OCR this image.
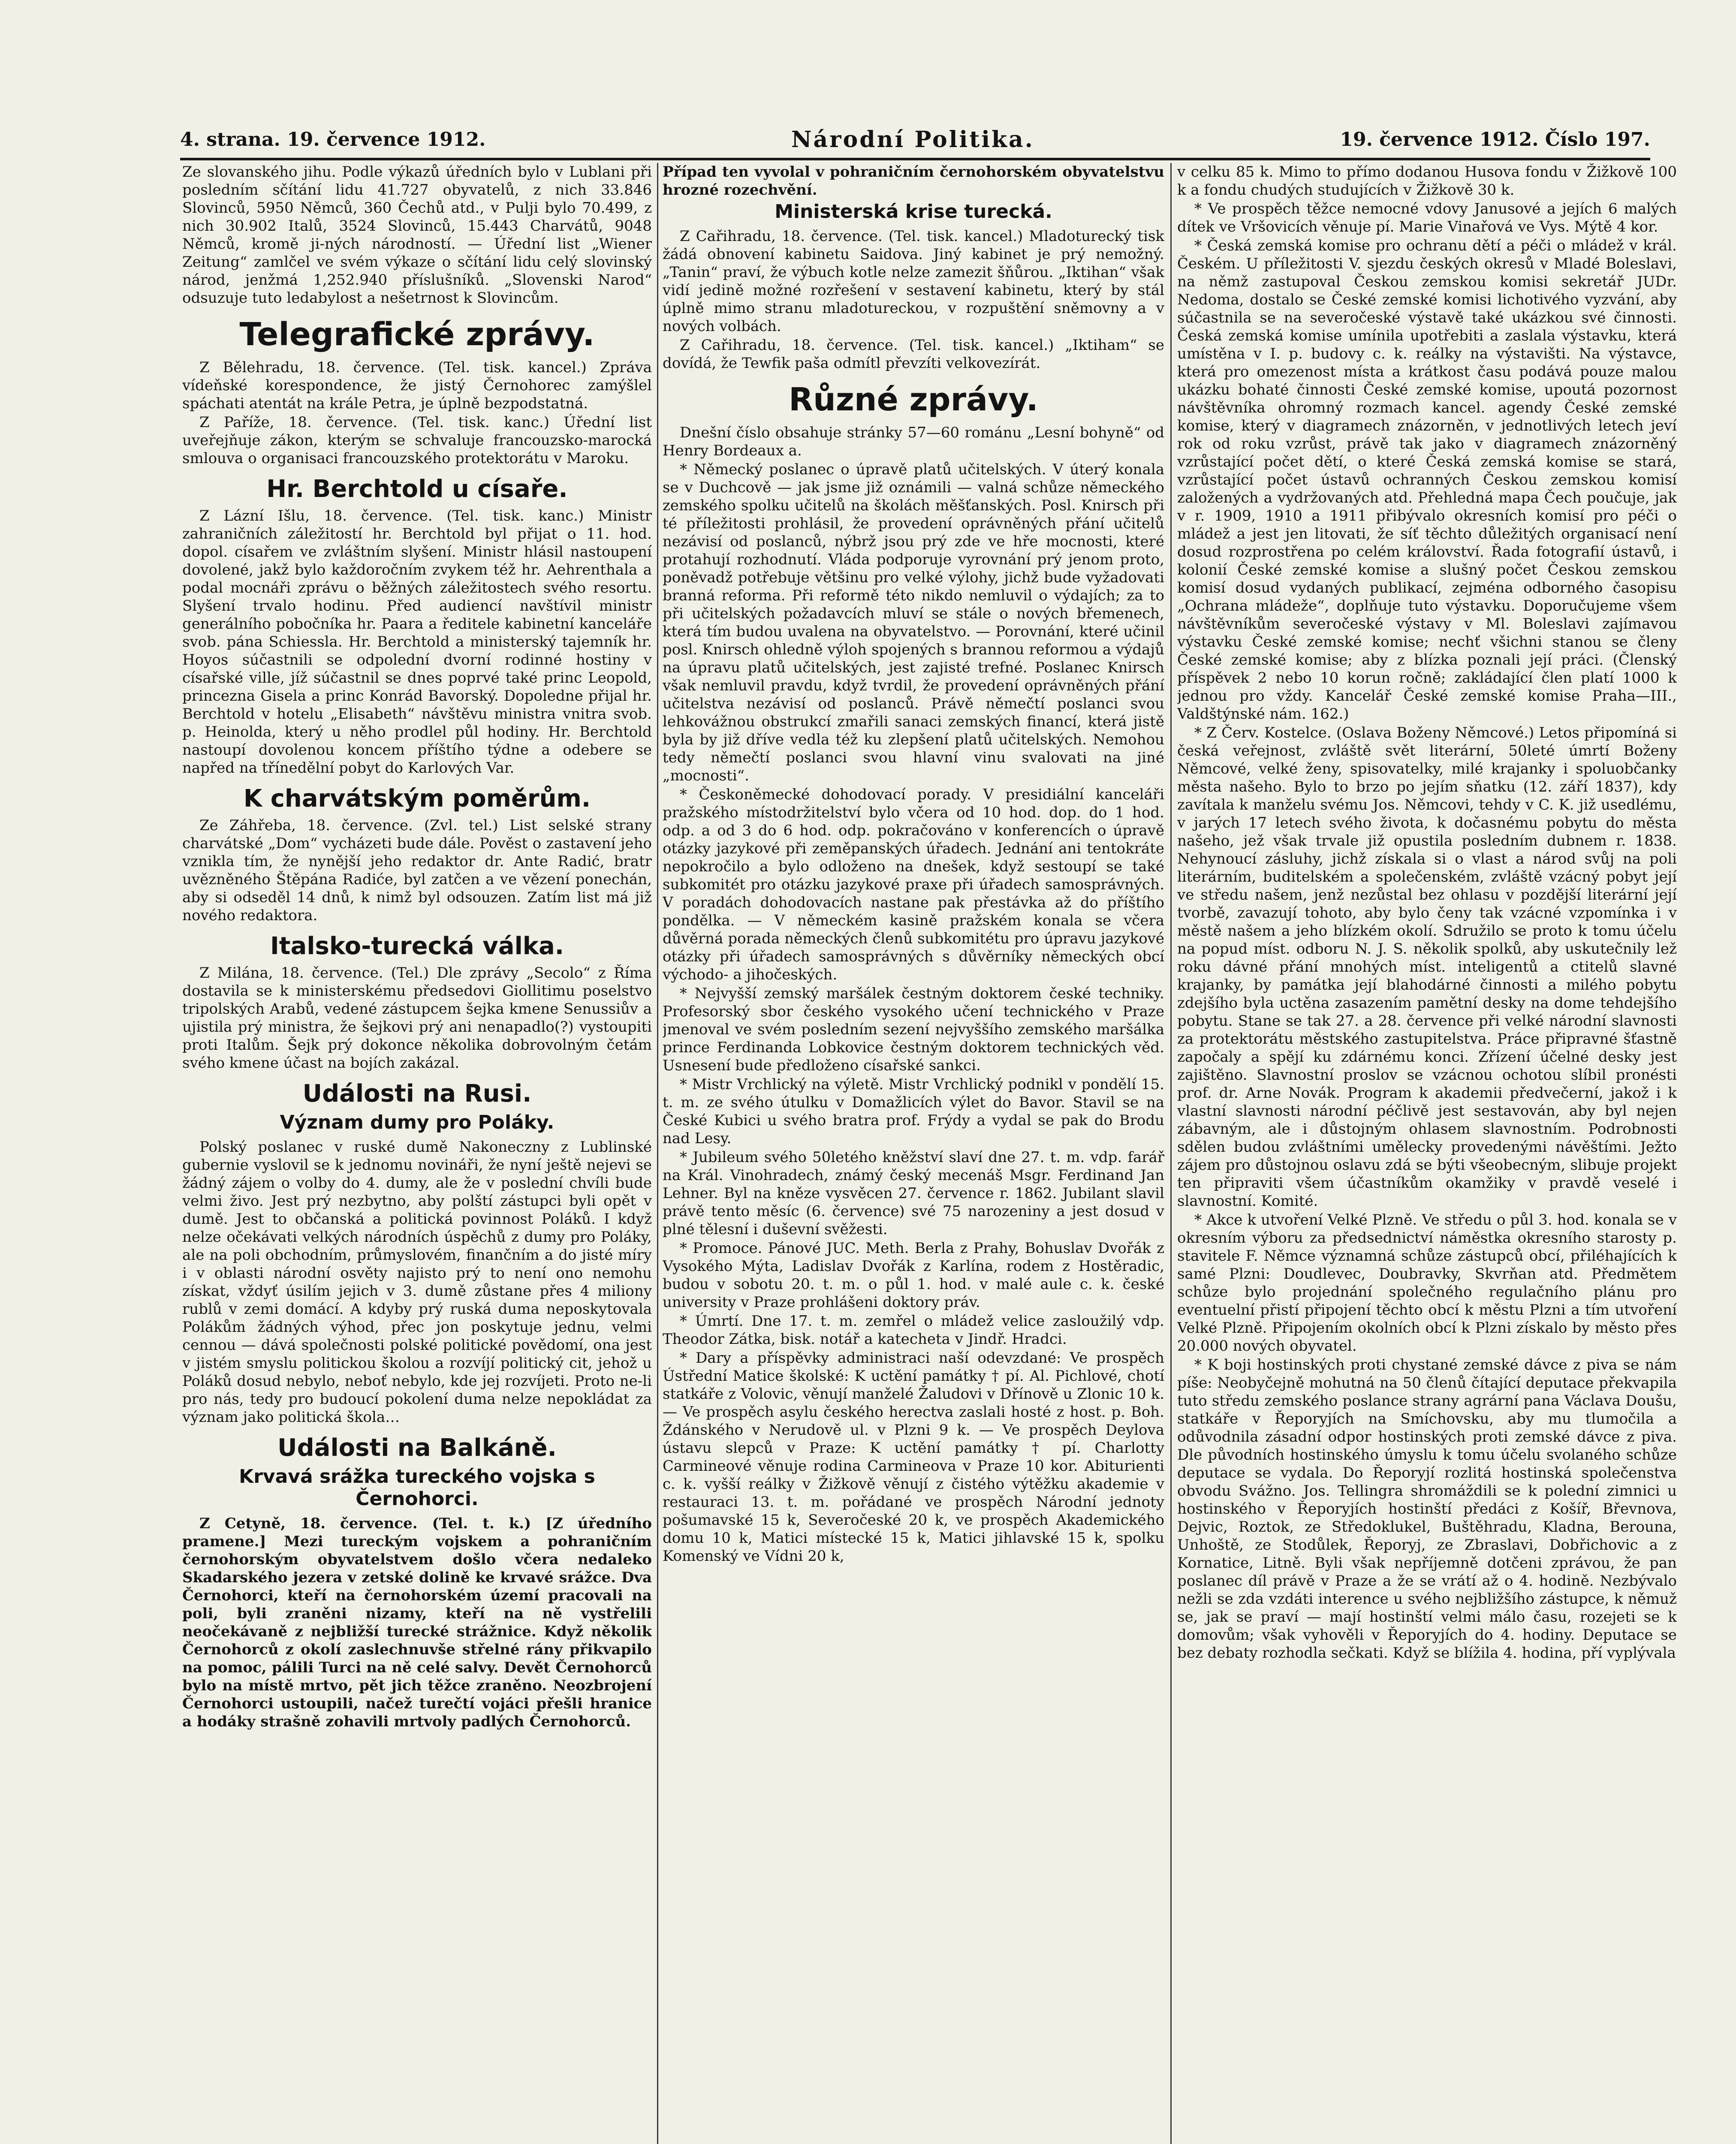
4. strana. 19. července 1912.	Národní Politika.	19. července 1912. Číslo 197.

Ze slovanského jihu. Podle výkazů úředních bylo v Lublani při posledním sčítání lidu 41.727 obyvatelů, z nich 33.846 Slovinců, 5950 Němců, 360 Čechů atd., v Pulji bylo 70.499, z nich 30.902 Italů, 3524 Slovinců, 15.443 Charvátů, 9048 Němců, kromě ji-ných národností. — Úřední list „Wiener Zeitung“ zamlčel ve svém výkaze o sčítání lidu celý slovinský národ, jenžmá 1,252.940 příslušníků. „Slovenski Narod“ odsuzuje tuto ledabylost a nešetrnost k Slovincům.

Telegrafické zprávy.

Z Bělehradu, 18. července. (Tel. tisk. kancel.) Zpráva vídeňské korespondence, že jistý Černohorec zamýšlel spáchati atentát na krále Petra, je úplně bezpodstatná.

Z Paříže, 18. července. (Tel. tisk. kanc.) Úřední list uveřejňuje zákon, kterým se schvaluje francouzsko-marocká smlouva o organisaci francouzského protektorátu v Maroku.

Hr. Berchtold u císaře.

Z Lázní Išlu, 18. července. (Tel. tisk. kanc.) Ministr zahraničních záležitostí hr. Berchtold byl přijat o 11. hod. dopol. císařem ve zvláštním slyšení. Ministr hlásil nastoupení dovolené, jakž bylo každoročním zvykem též hr. Aehrenthala a podal mocnáři zprávu o běžných záležitostech svého resortu. Slyšení trvalo hodinu. Před audiencí navštívil ministr generálního pobočníka hr. Paara a ředitele kabinetní kanceláře svob. pána Schiessla. Hr. Berchtold a ministerský tajemník hr. Hoyos súčastnili se odpolední dvorní rodinné hostiny v císařské ville, jíž súčastnil se dnes poprvé také princ Leopold, princezna Gisela a princ Konrád Bavorský. Dopoledne přijal hr. Berchtold v hotelu „Elisabeth“ návštěvu ministra vnitra svob. p. Heinolda, který u něho prodlel půl hodiny. Hr. Berchtold nastoupí dovolenou koncem příštího týdne a odebere se napřed na třínedělní pobyt do Karlových Var.

K charvátským poměrům.

Ze Záhřeba, 18. července. (Zvl. tel.) List selské strany charvátské „Dom“ vycházeti bude dále. Pověst o zastavení jeho vznikla tím, že nynější jeho redaktor dr. Ante Radić, bratr uvězněného Štěpána Radiće, byl zatčen a ve vězení ponechán, aby si odseděl 14 dnů, k nimž byl odsouzen. Zatím list má již nového redaktora.

Italsko-turecká válka.

Z Milána, 18. července. (Tel.) Dle zprávy „Secolo“ z Říma dostavila se k ministerskému předsedovi Giollitimu poselstvo tripolských Arabů, vedené zástupcem šejka kmene Senussiův a ujistila prý ministra, že šejkovi prý ani nenapadlo(?) vystoupiti proti Italům. Šejk prý dokonce několika dobrovolným četám svého kmene účast na bojích zakázal.

Události na Rusi.
Význam dumy pro Poláky.

Polský poslanec v ruské dumě Nakoneczny z Lublinské gubernie vyslovil se k jednomu novináři, že nyní ještě nejevi se žádný zájem o volby do 4. dumy, ale že v poslední chvíli bude velmi živo. Jest prý nezbytno, aby polští zástupci byli opět v dumě. Jest to občanská a politická povinnost Poláků. I když nelze očekávati velkých národních úspěchů z dumy pro Poláky, ale na poli obchodním, průmyslovém, finančním a do jisté míry i v oblasti národní osvěty najisto prý to není ono nemohu získat, vždyť úsilím jejich v 3. dumě zůstane přes 4 miliony rublů v zemi domácí. A kdyby prý ruská duma neposkytovala Polákům žádných výhod, přec jon poskytuje jednu, velmi cennou — dává společnosti polské politické povědomí, ona jest v jistém smyslu politickou školou a rozvíjí politický cit, jehož u Poláků dosud nebylo, neboť nebylo, kde jej rozvíjeti. Proto ne-li pro nás, tedy pro budoucí pokolení duma nelze nepokládat za význam jako politická škola…

Události na Balkáně.
Krvavá srážka tureckého vojska s Černohorci.

Z Cetyně, 18. července. (Tel. t. k.) [Z úředního pramene.] Mezi tureckým vojskem a pohraničním černohorským obyvatelstvem došlo včera nedaleko Skadarského jezera v zetské dolině ke krvavé srážce. Dva Černohorci, kteří na černohorském území pracovali na poli, byli zraněni nizamy, kteří na ně vystřelili neočekávaně z nejbližší turecké strážnice. Když několik Černohorců z okolí zaslechnuvše střelné rány přikvapilo na pomoc, pálili Turci na ně celé salvy. Devět Černohorců bylo na místě mrtvo, pět jich těžce zraněno. Neozbrojení Černohorci ustoupili, načež turečtí vojáci přešli hranice a hodáky strašně zohavili mrtvoly padlých Černohorců.

Případ ten vyvolal v pohraničním černohorském obyvatelstvu hrozné rozechvění.

Ministerská krise turecká.

Z Cařihradu, 18. července. (Tel. tisk. kancel.) Mladoturecký tisk žádá obnovení kabinetu Saidova. Jiný kabinet je prý nemožný. „Tanin“ praví, že výbuch kotle nelze zamezit šňůrou. „Iktihan“ však vidí jedině možné rozřešení v sestavení kabinetu, který by stál úplně mimo stranu mladotureckou, v rozpuštění sněmovny a v nových volbách.

Z Cařihradu, 18. července. (Tel. tisk. kancel.) „Iktiham“ se dovídá, že Tewfik paša odmítl převzíti velkovezírát.

Různé zprávy.

Dnešní číslo obsahuje stránky 57—60 románu „Lesní bohyně“ od Henry Bordeaux a.

* Německý poslanec o úpravě platů učitelských. V úterý konala se v Duchcově — jak jsme již oznámili — valná schůze německého zemského spolku učitelů na školách měšťanských. Posl. Knirsch při té příležitosti prohlásil, že provedení oprávněných přání učitelů nezávisí od poslanců, nýbrž jsou prý zde ve hře mocnosti, které protahují rozhodnutí. Vláda podporuje vyrovnání prý jenom proto, poněvadž potřebuje většinu pro velké výlohy, jichž bude vyžadovati branná reforma. Při reformě této nikdo nemluvil o výdajích; za to při učitelských požadavcích mluví se stále o nových břemenech, která tím budou uvalena na obyvatelstvo. — Porovnání, které učinil posl. Knirsch ohledně výloh spojených s brannou reformou a výdajů na úpravu platů učitelských, jest zajisté trefné. Poslanec Knirsch však nemluvil pravdu, když tvrdil, že provedení oprávněných přání učitelstva nezávisí od poslanců. Právě němečtí poslanci svou lehkovážnou obstrukcí zmařili sanaci zemských financí, která jistě byla by již dříve vedla též ku zlepšení platů učitelských. Nemohou tedy němečtí poslanci svou hlavní vinu svalovati na jiné „mocnosti“.

* Českoněmecké dohodovací porady. V presidiální kanceláři pražského místodržitelství bylo včera od 10 hod. dop. do 1 hod. odp. a od 3 do 6 hod. odp. pokračováno v konferencích o úpravě otázky jazykové při zeměpanských úřadech. Jednání ani tentokráte nepokročilo a bylo odloženo na dnešek, když sestoupí se také subkomitét pro otázku jazykové praxe při úřadech samosprávných. V poradách dohodovacích nastane pak přestávka až do příštího pondělka. — V německém kasině pražském konala se včera důvěrná porada německých členů subkomitétu pro úpravu jazykové otázky při úřadech samosprávných s důvěrníky německých obcí východo- a jihočeských.

* Nejvyšší zemský maršálek čestným doktorem české techniky. Profesorský sbor českého vysokého učení technického v Praze jmenoval ve svém posledním sezení nejvyššího zemského maršálka prince Ferdinanda Lobkovice čestným doktorem technických věd. Usnesení bude předloženo císařské sankci.

* Mistr Vrchlický na výletě. Mistr Vrchlický podnikl v pondělí 15. t. m. ze svého útulku v Domažlicích výlet do Bavor. Stavil se na České Kubici u svého bratra prof. Frýdy a vydal se pak do Brodu nad Lesy.

* Jubileum svého 50letého kněžství slaví dne 27. t. m. vdp. farář na Král. Vinohradech, známý český mecenáš Msgr. Ferdinand Jan Lehner. Byl na kněze vysvěcen 27. července r. 1862. Jubilant slavil právě tento měsíc (6. července) své 75 narozeniny a jest dosud v plné tělesní i duševní svěžesti.

* Promoce. Pánové JUC. Meth. Berla z Prahy, Bohuslav Dvořák z Vysokého Mýta, Ladislav Dvořák z Karlína, rodem z Hostěradic, budou v sobotu 20. t. m. o půl 1. hod. v malé aule c. k. české university v Praze prohlášeni doktory práv.

* Úmrtí. Dne 17. t. m. zemřel o mládež velice zasloužilý vdp. Theodor Zátka, bisk. notář a katecheta v Jindř. Hradci.

* Dary a příspěvky administraci naší odevzdané: Ve prospěch Ústřední Matice školské: K uctění památky † pí. Al. Pichlové, chotí statkáře z Volovic, věnují manželé Žaludovi v Dřínově u Zlonic 10 k. — Ve prospěch asylu českého herectva zaslali hosté z host. p. Boh. Ždánského v Nerudově ul. v Plzni 9 k. — Ve prospěch Deylova ústavu slepců v Praze: K uctění památky † pí. Charlotty Carmineové věnuje rodina Carmineova v Praze 10 kor. Abiturienti c. k. vyšší reálky v Žižkově věnují z čistého výtěžku akademie v restauraci 13. t. m. pořádané ve prospěch Národní jednoty pošumavské 15 k, Severočeské 20 k, ve prospěch Akademického domu 10 k, Matici místecké 15 k, Matici jihlavské 15 k, spolku Komenský ve Vídni 20 k,

v celku 85 k. Mimo to přímo dodanou Husova fondu v Žižkově 100 k a fondu chudých studujících v Žižkově 30 k.

* Ve prospěch těžce nemocné vdovy Janusové a jejích 6 malých dítek ve Vršovicích věnuje pí. Marie Vinařová ve Vys. Mýtě 4 kor.

* Česká zemská komise pro ochranu dětí a péči o mládež v král. Českém. U příležitosti V. sjezdu českých okresů v Mladé Boleslavi, na němž zastupoval Českou zemskou komisi sekretář JUDr. Nedoma, dostalo se České zemské komisi lichotivého vyzvání, aby súčastnila se na severočeské výstavě také ukázkou své činnosti. Česká zemská komise umínila upotřebiti a zaslala výstavku, která umístěna v I. p. budovy c. k. reálky na výstavišti. Na výstavce, která pro omezenost místa a krátkost času podává pouze malou ukázku bohaté činnosti České zemské komise, upoutá pozornost návštěvníka ohromný rozmach kancel. agendy České zemské komise, který v diagramech znázorněn, v jednotlivých letech jeví rok od roku vzrůst, právě tak jako v diagramech znázorněný vzrůstající počet dětí, o které Česká zemská komise se stará, vzrůstající počet ústavů ochranných Českou zemskou komisí založených a vydržovaných atd. Přehledná mapa Čech poučuje, jak v r. 1909, 1910 a 1911 přibývalo okresních komisí pro péči o mládež a jest jen litovati, že síť těchto důležitých organisací není dosud rozprostřena po celém království. Řada fotografií ústavů, i kolonií České zemské komise a slušný počet Českou zemskou komisí dosud vydaných publikací, zejména odborného časopisu „Ochrana mládeže“, doplňuje tuto výstavku. Doporučujeme všem návštěvníkům severočeské výstavy v Ml. Boleslavi zajímavou výstavku České zemské komise; nechť všichni stanou se členy České zemské komise; aby z blízka poznali její práci. (Členský příspěvek 2 nebo 10 korun ročně; zakládající člen platí 1000 k jednou pro vždy. Kancelář České zemské komise Praha—III., Valdštýnské nám. 162.)

* Z Červ. Kostelce. (Oslava Boženy Němcové.) Letos připomíná si česká veřejnost, zvláště svět literární, 50leté úmrtí Boženy Němcové, velké ženy, spisovatelky, milé krajanky i spoluobčanky města našeho. Bylo to brzo po jejím sňatku (12. září 1837), kdy zavítala k manželu svému Jos. Němcovi, tehdy v C. K. již usedlému, v jarých 17 letech svého života, k dočasnému pobytu do města našeho, jež však trvale již opustila posledním dubnem r. 1838. Nehynoucí zásluhy, jichž získala si o vlast a národ svůj na poli literárním, buditelském a společenském, zvláště vzácný pobyt její ve středu našem, jenž nezůstal bez ohlasu v pozdější literární její tvorbě, zavazují tohoto, aby bylo čeny tak vzácné vzpomínka i v městě našem a jeho blízkém okolí. Sdružilo se proto k tomu účelu na popud míst. odboru N. J. S. několik spolků, aby uskutečnily lež roku dávné přání mnohých míst. inteligentů a ctitelů slavné krajanky, by památka její blahodárné činnosti a milého pobytu zdejšího byla uctěna zasazením pamětní desky na dome tehdejšího pobytu. Stane se tak 27. a 28. července při velké národní slavnosti za protektorátu městského zastupitelstva. Práce připravné šťastně započaly a spějí ku zdárnému konci. Zřízení účelné desky jest zajištěno. Slavnostní proslov se vzácnou ochotou slíbil pronésti prof. dr. Arne Novák. Program k akademii předvečerní, jakož i k vlastní slavnosti národní péčlivě jest sestavován, aby byl nejen zábavným, ale i důstojným ohlasem slavnostním. Podrobnosti sdělen budou zvláštními umělecky provedenými návěštími. Ježto zájem pro důstojnou oslavu zdá se býti všeobecným, slibuje projekt ten připraviti všem účastníkům okamžiky v pravdě veselé i slavnostní. Komité.

* Akce k utvoření Velké Plzně. Ve středu o půl 3. hod. konala se v okresním výboru za předsednictví náměstka okresního starosty p. stavitele F. Němce významná schůze zástupců obcí, přiléhajících k samé Plzni: Doudlevec, Doubravky, Skvrňan atd. Předmětem schůze bylo projednání společného regulačního plánu pro eventuelní přistí připojení těchto obcí k městu Plzni a tím utvoření Velké Plzně. Připojením okolních obcí k Plzni získalo by město přes 20.000 nových obyvatel.

* K boji hostinských proti chystané zemské dávce z piva se nám píše: Neobyčejně mohutná na 50 členů čítající deputace překvapila tuto středu zemského poslance strany agrární pana Václava Doušu, statkáře v Řeporyjích na Smíchovsku, aby mu tlumočila a odůvodnila zásadní odpor hostinských proti zemské dávce z piva. Dle původních hostinského úmyslu k tomu účelu svolaného schůze deputace se vydala. Do Řeporyjí rozlitá hostinská společenstva obvodu Svážno. Jos. Tellingra shromáždili se k polední zimnici u hostinského v Řeporyjích hostinští předáci z Košíř, Břevnova, Dejvic, Roztok, ze Středoklukel, Buštěhradu, Kladna, Berouna, Unhoště, ze Stodůlek, Řeporyj, ze Zbraslavi, Dobřichovic a z Kornatice, Litně. Byli však nepříjemně dotčeni zprávou, že pan poslanec díl právě v Praze a že se vrátí až o 4. hodině. Nezbývalo nežli se zda vzdáti interence u svého nejbližšího zástupce, k němuž se, jak se praví — mají hostinští velmi málo času, rozejeti se k domovům; však vyhověli v Řeporyjích do 4. hodiny. Deputace se bez debaty rozhodla sečkati. Když se blížila 4. hodina, pří vyplývala
